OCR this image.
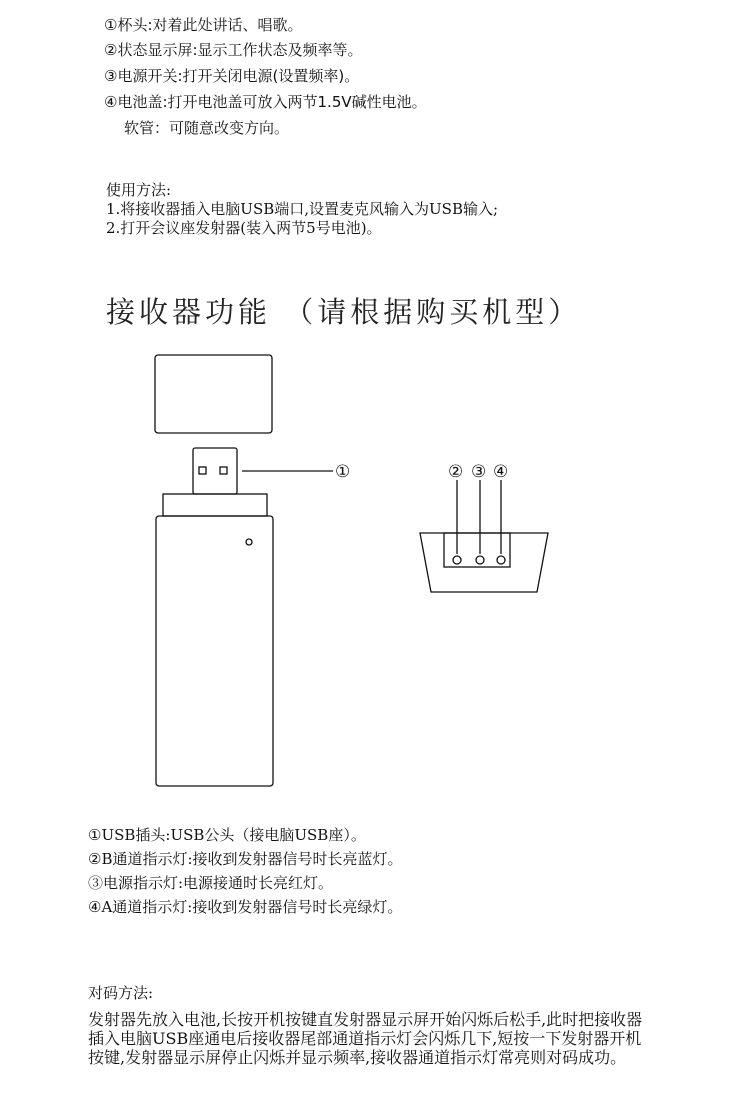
①杯头:对着此处讲话、唱歌。
②状态显示屏:显示工作状态及频率等。
③电源开关:打开关闭电源(设置频率)。
④电池盖:打开电池盖可放入两节1.5V碱性电池。
软管：可随意改变方向。
使用方法:
1.将接收器插入电脑USB端口,设置麦克风输入为USB输入;
2.打开会议座发射器(装入两节5号电池)。
接收器功能 （请根据购买机型）
①	② ③ ④
①USB插头:USB公头（接电脑USB座）。
②B通道指示灯:接收到发射器信号时长亮蓝灯。
③电源指示灯:电源接通时长亮红灯。
④A通道指示灯:接收到发射器信号时长亮绿灯。
对码方法:
发射器先放入电池,长按开机按键直发射器显示屏开始闪烁后松手,此时把接收器插入电脑USB座通电后接收器尾部通道指示灯会闪烁几下,短按一下发射器开机按键,发射器显示屏停止闪烁并显示频率,接收器通道指示灯常亮则对码成功。
